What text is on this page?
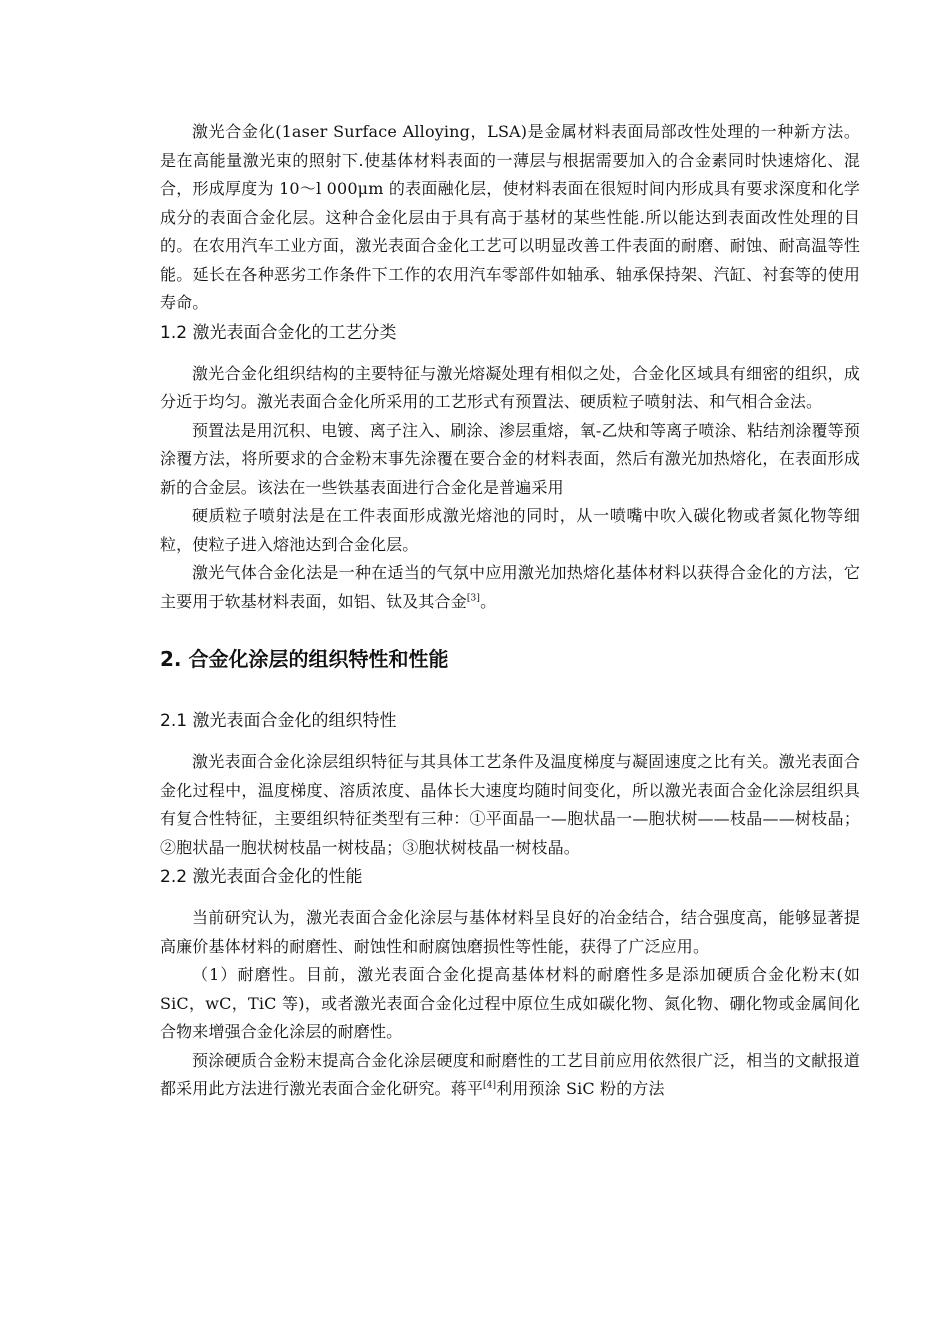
激光合金化(1aser Surface Alloying，LSA)是金属材料表面局部改性处理的一种新方法。是在高能量激光束的照射下.使基体材料表面的一薄层与根据需要加入的合金素同时快速熔化、混合，形成厚度为 10～l 000μm 的表面融化层，使材料表面在很短时间内形成具有要求深度和化学成分的表面合金化层。这种合金化层由于具有高于基材的某些性能.所以能达到表面改性处理的目的。在农用汽车工业方面，激光表面合金化工艺可以明显改善工件表面的耐磨、耐蚀、耐高温等性能。延长在各种恶劣工作条件下工作的农用汽车零部件如轴承、轴承保持架、汽缸、衬套等的使用寿命。

1.2 激光表面合金化的工艺分类

激光合金化组织结构的主要特征与激光熔凝处理有相似之处，合金化区域具有细密的组织，成分近于均匀。激光表面合金化所采用的工艺形式有预置法、硬质粒子喷射法、和气相合金法。

预置法是用沉积、电镀、离子注入、刷涂、渗层重熔，氧-乙炔和等离子喷涂、粘结剂涂覆等预涂覆方法，将所要求的合金粉末事先涂覆在要合金的材料表面，然后有激光加热熔化，在表面形成新的合金层。该法在一些铁基表面进行合金化是普遍采用

硬质粒子喷射法是在工件表面形成激光熔池的同时，从一喷嘴中吹入碳化物或者氮化物等细粒，使粒子进入熔池达到合金化层。

激光气体合金化法是一种在适当的气氛中应用激光加热熔化基体材料以获得合金化的方法，它主要用于软基材料表面，如铝、钛及其合金[3]。

2. 合金化涂层的组织特性和性能
2.1 激光表面合金化的组织特性

激光表面合金化涂层组织特征与其具体工艺条件及温度梯度与凝固速度之比有关。激光表面合金化过程中，温度梯度、溶质浓度、晶体长大速度均随时间变化，所以激光表面合金化涂层组织具有复合性特征，主要组织特征类型有三种：①平面晶一—胞状晶一—胞状树——枝晶——树枝晶；②胞状晶一胞状树枝晶一树枝晶；③胞状树枝晶一树枝晶。

2.2 激光表面合金化的性能

当前研究认为，激光表面合金化涂层与基体材料呈良好的冶金结合，结合强度高，能够显著提高廉价基体材料的耐磨性、耐蚀性和耐腐蚀磨损性等性能，获得了广泛应用。

（1）耐磨性。目前，激光表面合金化提高基体材料的耐磨性多是添加硬质合金化粉末(如 SiC，wC，TiC 等)，或者激光表面合金化过程中原位生成如碳化物、氮化物、硼化物或金属间化合物来增强合金化涂层的耐磨性。

预涂硬质合金粉末提高合金化涂层硬度和耐磨性的工艺目前应用依然很广泛，相当的文献报道都采用此方法进行激光表面合金化研究。蒋平[4]利用预涂 SiC 粉的方法
